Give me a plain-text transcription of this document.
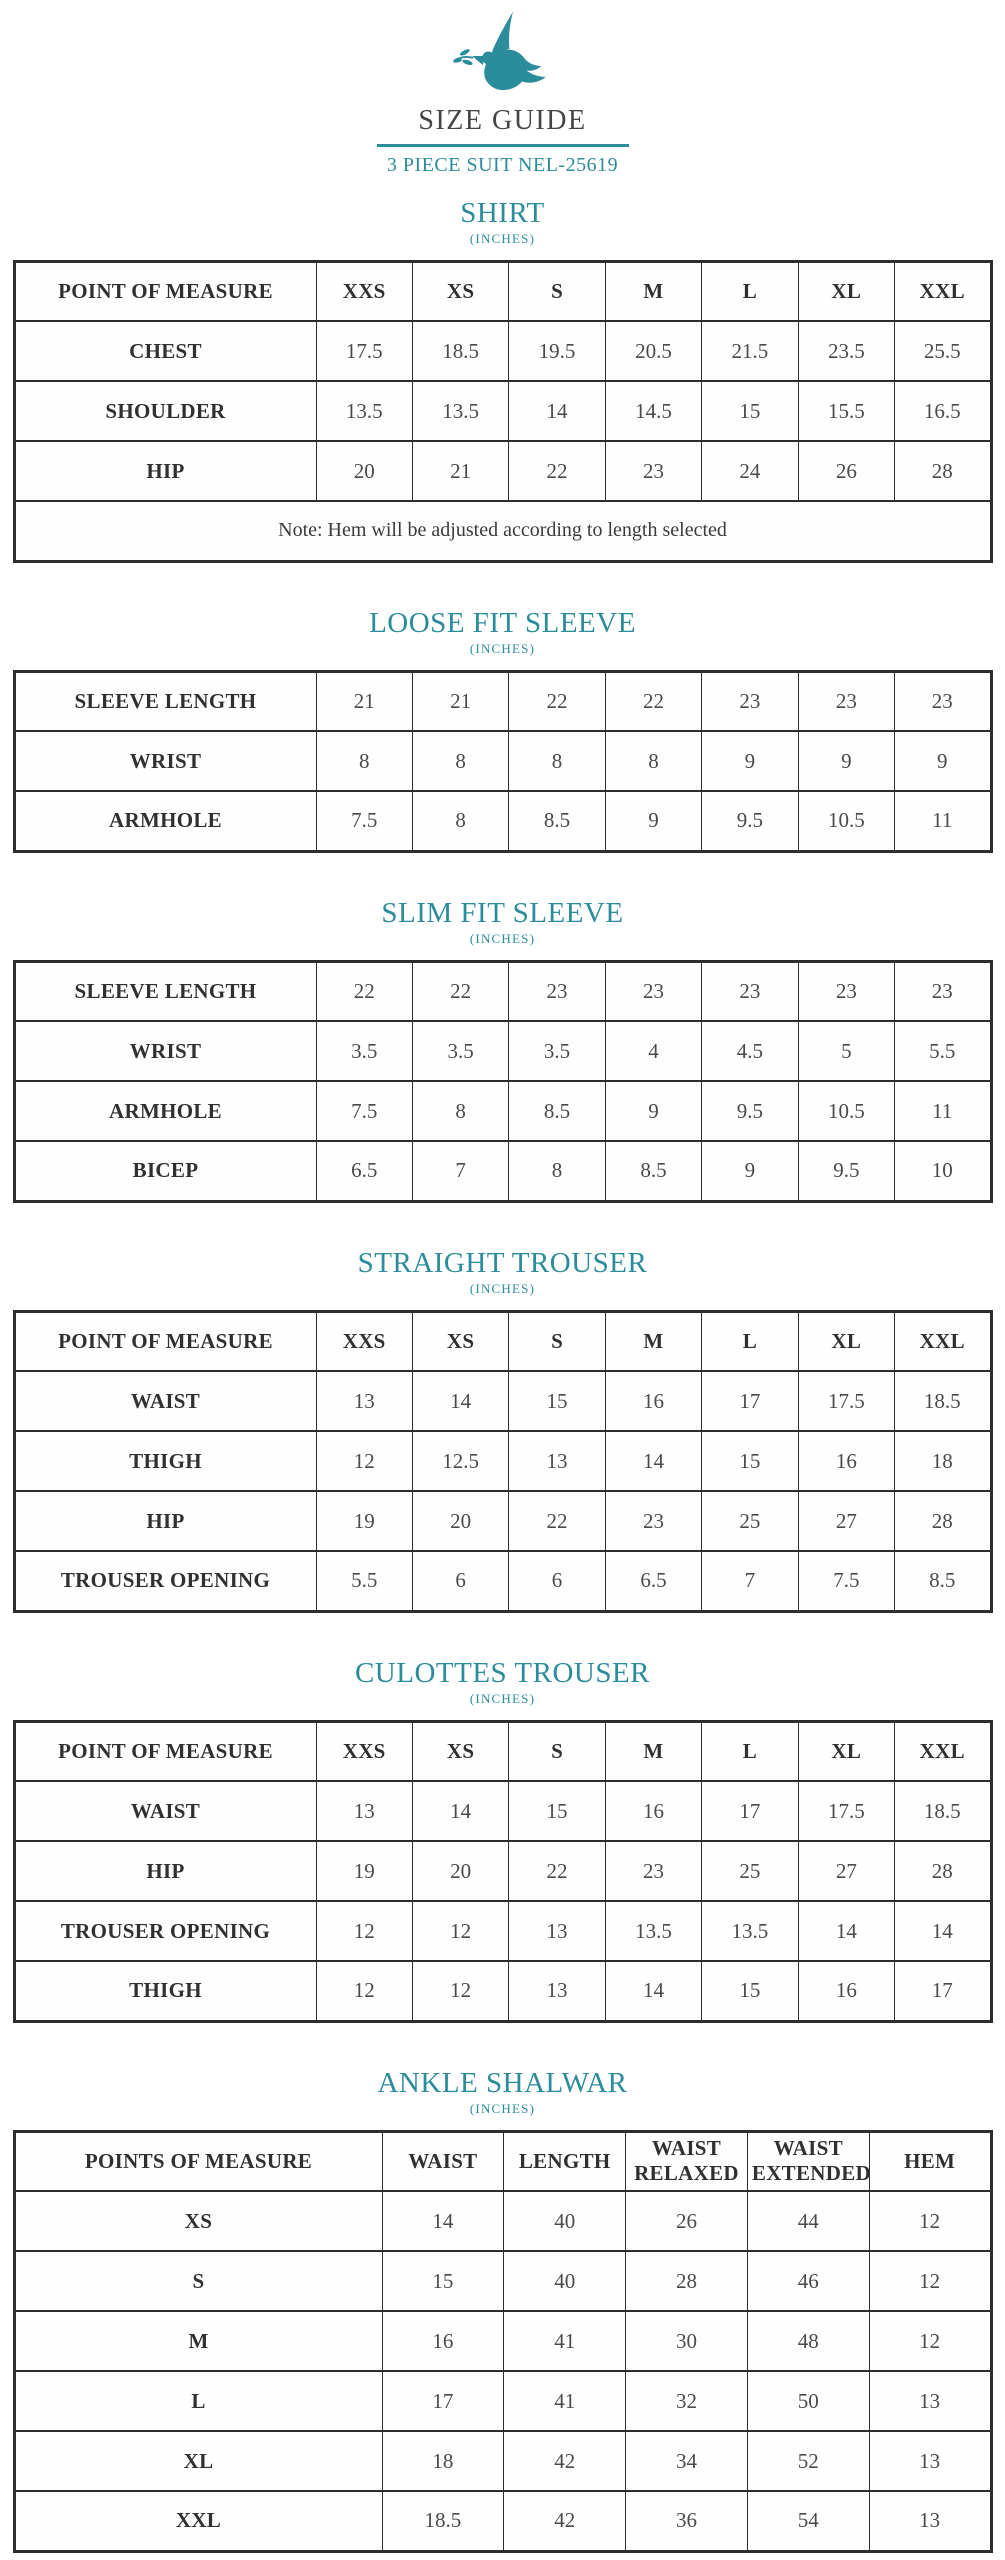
SIZE GUIDE
3 PIECE SUIT NEL-25619
SHIRT
(INCHES)
POINT OF MEASURE	XXS	XS	S	M	L	XL	XXL
CHEST	17.5	18.5	19.5	20.5	21.5	23.5	25.5
SHOULDER	13.5	13.5	14	14.5	15	15.5	16.5
HIP	20	21	22	23	24	26	28
Note: Hem will be adjusted according to length selected							
LOOSE FIT SLEEVE
(INCHES)
SLEEVE LENGTH	21	21	22	22	23	23	23
WRIST	8	8	8	8	9	9	9
ARMHOLE	7.5	8	8.5	9	9.5	10.5	11
SLIM FIT SLEEVE
(INCHES)
SLEEVE LENGTH	22	22	23	23	23	23	23
WRIST	3.5	3.5	3.5	4	4.5	5	5.5
ARMHOLE	7.5	8	8.5	9	9.5	10.5	11
BICEP	6.5	7	8	8.5	9	9.5	10
STRAIGHT TROUSER
(INCHES)
POINT OF MEASURE	XXS	XS	S	M	L	XL	XXL
WAIST	13	14	15	16	17	17.5	18.5
THIGH	12	12.5	13	14	15	16	18
HIP	19	20	22	23	25	27	28
TROUSER OPENING	5.5	6	6	6.5	7	7.5	8.5
CULOTTES TROUSER
(INCHES)
POINT OF MEASURE	XXS	XS	S	M	L	XL	XXL
WAIST	13	14	15	16	17	17.5	18.5
HIP	19	20	22	23	25	27	28
TROUSER OPENING	12	12	13	13.5	13.5	14	14
THIGH	12	12	13	14	15	16	17
ANKLE SHALWAR
(INCHES)
POINTS OF MEASURE	WAIST	LENGTH	WAIST RELAXED	WAIST EXTENDED	HEM
XS	14	40	26	44	12
S	15	40	28	46	12
M	16	41	30	48	12
L	17	41	32	50	13
XL	18	42	34	52	13
XXL	18.5	42	36	54	13
